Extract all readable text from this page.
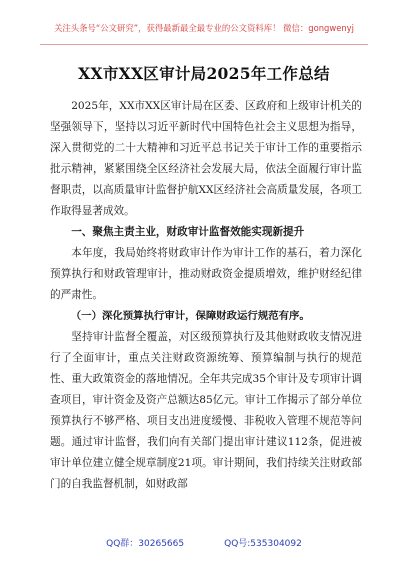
关注头条号“公文研究”，获得最新最全最专业的公文资料库！ 微信：gongwenyj
XX市XX区审计局2025年工作总结

2025年，XX市XX区审计局在区委、区政府和上级审计机关的坚强领导下，坚持以习近平新时代中国特色社会主义思想为指导，深入贯彻党的二十大精神和习近平总书记关于审计工作的重要指示批示精神，紧紧围绕全区经济社会发展大局，依法全面履行审计监督职责，以高质量审计监督护航XX区经济社会高质量发展，各项工作取得显著成效。

一、聚焦主责主业，财政审计监督效能实现新提升

本年度，我局始终将财政审计作为审计工作的基石，着力深化预算执行和财政管理审计，推动财政资金提质增效，维护财经纪律的严肃性。

（一）深化预算执行审计，保障财政运行规范有序。

坚持审计监督全覆盖，对区级预算执行及其他财政收支情况进行了全面审计，重点关注财政资源统筹、预算编制与执行的规范性、重大政策资金的落地情况。全年共完成35个审计及专项审计调查项目，审计资金及资产总额达85亿元。审计工作揭示了部分单位预算执行不够严格、项目支出进度缓慢、非税收入管理不规范等问题。通过审计监督，我们向有关部门提出审计建议112条，促进被审计单位建立健全规章制度21项。审计期间，我们持续关注财政部门的自我监督机制，如财政部

QQ群：30265665	QQ号:535304092
